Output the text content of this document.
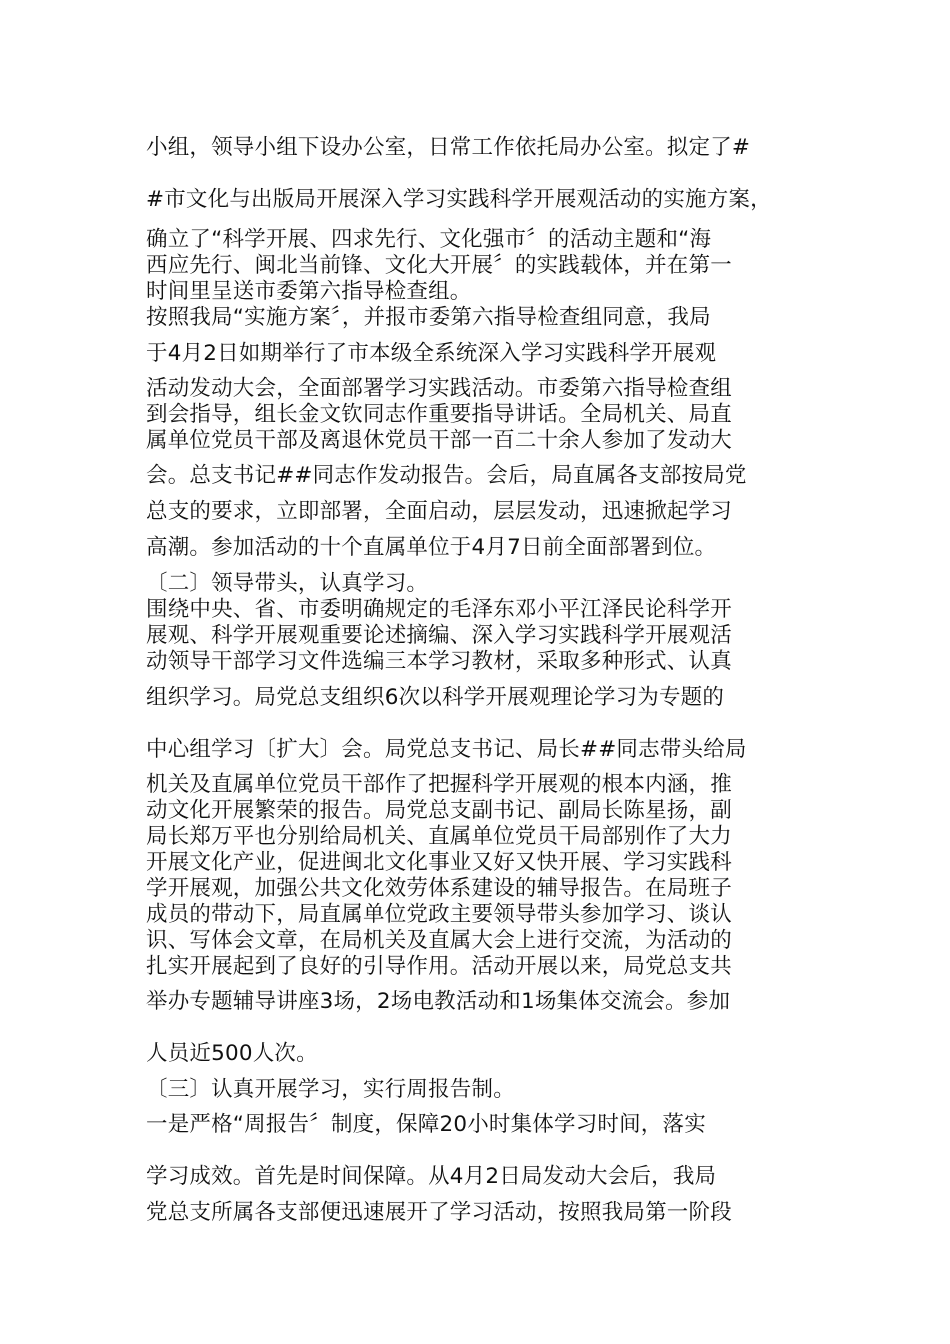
小组，领导小组下设办公室，日常工作依托局办公室。拟定了#
#市文化与出版局开展深入学习实践科学开展观活动的实施方案，
确立了“科学开展、四求先行、文化强市〞的活动主题和“海
西应先行、闽北当前锋、文化大开展〞的实践载体，并在第一
时间里呈送市委第六指导检查组。
按照我局“实施方案〞，并报市委第六指导检查组同意，我局
于4月2日如期举行了市本级全系统深入学习实践科学开展观
活动发动大会，全面部署学习实践活动。市委第六指导检查组
到会指导，组长金文钦同志作重要指导讲话。全局机关、局直
属单位党员干部及离退休党员干部一百二十余人参加了发动大
会。总支书记##同志作发动报告。会后，局直属各支部按局党
总支的要求，立即部署，全面启动，层层发动，迅速掀起学习
高潮。参加活动的十个直属单位于4月7日前全面部署到位。
〔二〕领导带头，认真学习。
围绕中央、省、市委明确规定的毛泽东邓小平江泽民论科学开
展观、科学开展观重要论述摘编、深入学习实践科学开展观活
动领导干部学习文件选编三本学习教材，采取多种形式、认真
组织学习。局党总支组织6次以科学开展观理论学习为专题的
中心组学习〔扩大〕会。局党总支书记、局长##同志带头给局
机关及直属单位党员干部作了把握科学开展观的根本内涵，推
动文化开展繁荣的报告。局党总支副书记、副局长陈星扬，副
局长郑万平也分别给局机关、直属单位党员干局部别作了大力
开展文化产业，促进闽北文化事业又好又快开展、学习实践科
学开展观，加强公共文化效劳体系建设的辅导报告。在局班子
成员的带动下，局直属单位党政主要领导带头参加学习、谈认
识、写体会文章，在局机关及直属大会上进行交流，为活动的
扎实开展起到了良好的引导作用。活动开展以来，局党总支共
举办专题辅导讲座3场，2场电教活动和1场集体交流会。参加
人员近500人次。
〔三〕认真开展学习，实行周报告制。
一是严格“周报告〞制度，保障20小时集体学习时间，落实
学习成效。首先是时间保障。从4月2日局发动大会后，我局
党总支所属各支部便迅速展开了学习活动，按照我局第一阶段
